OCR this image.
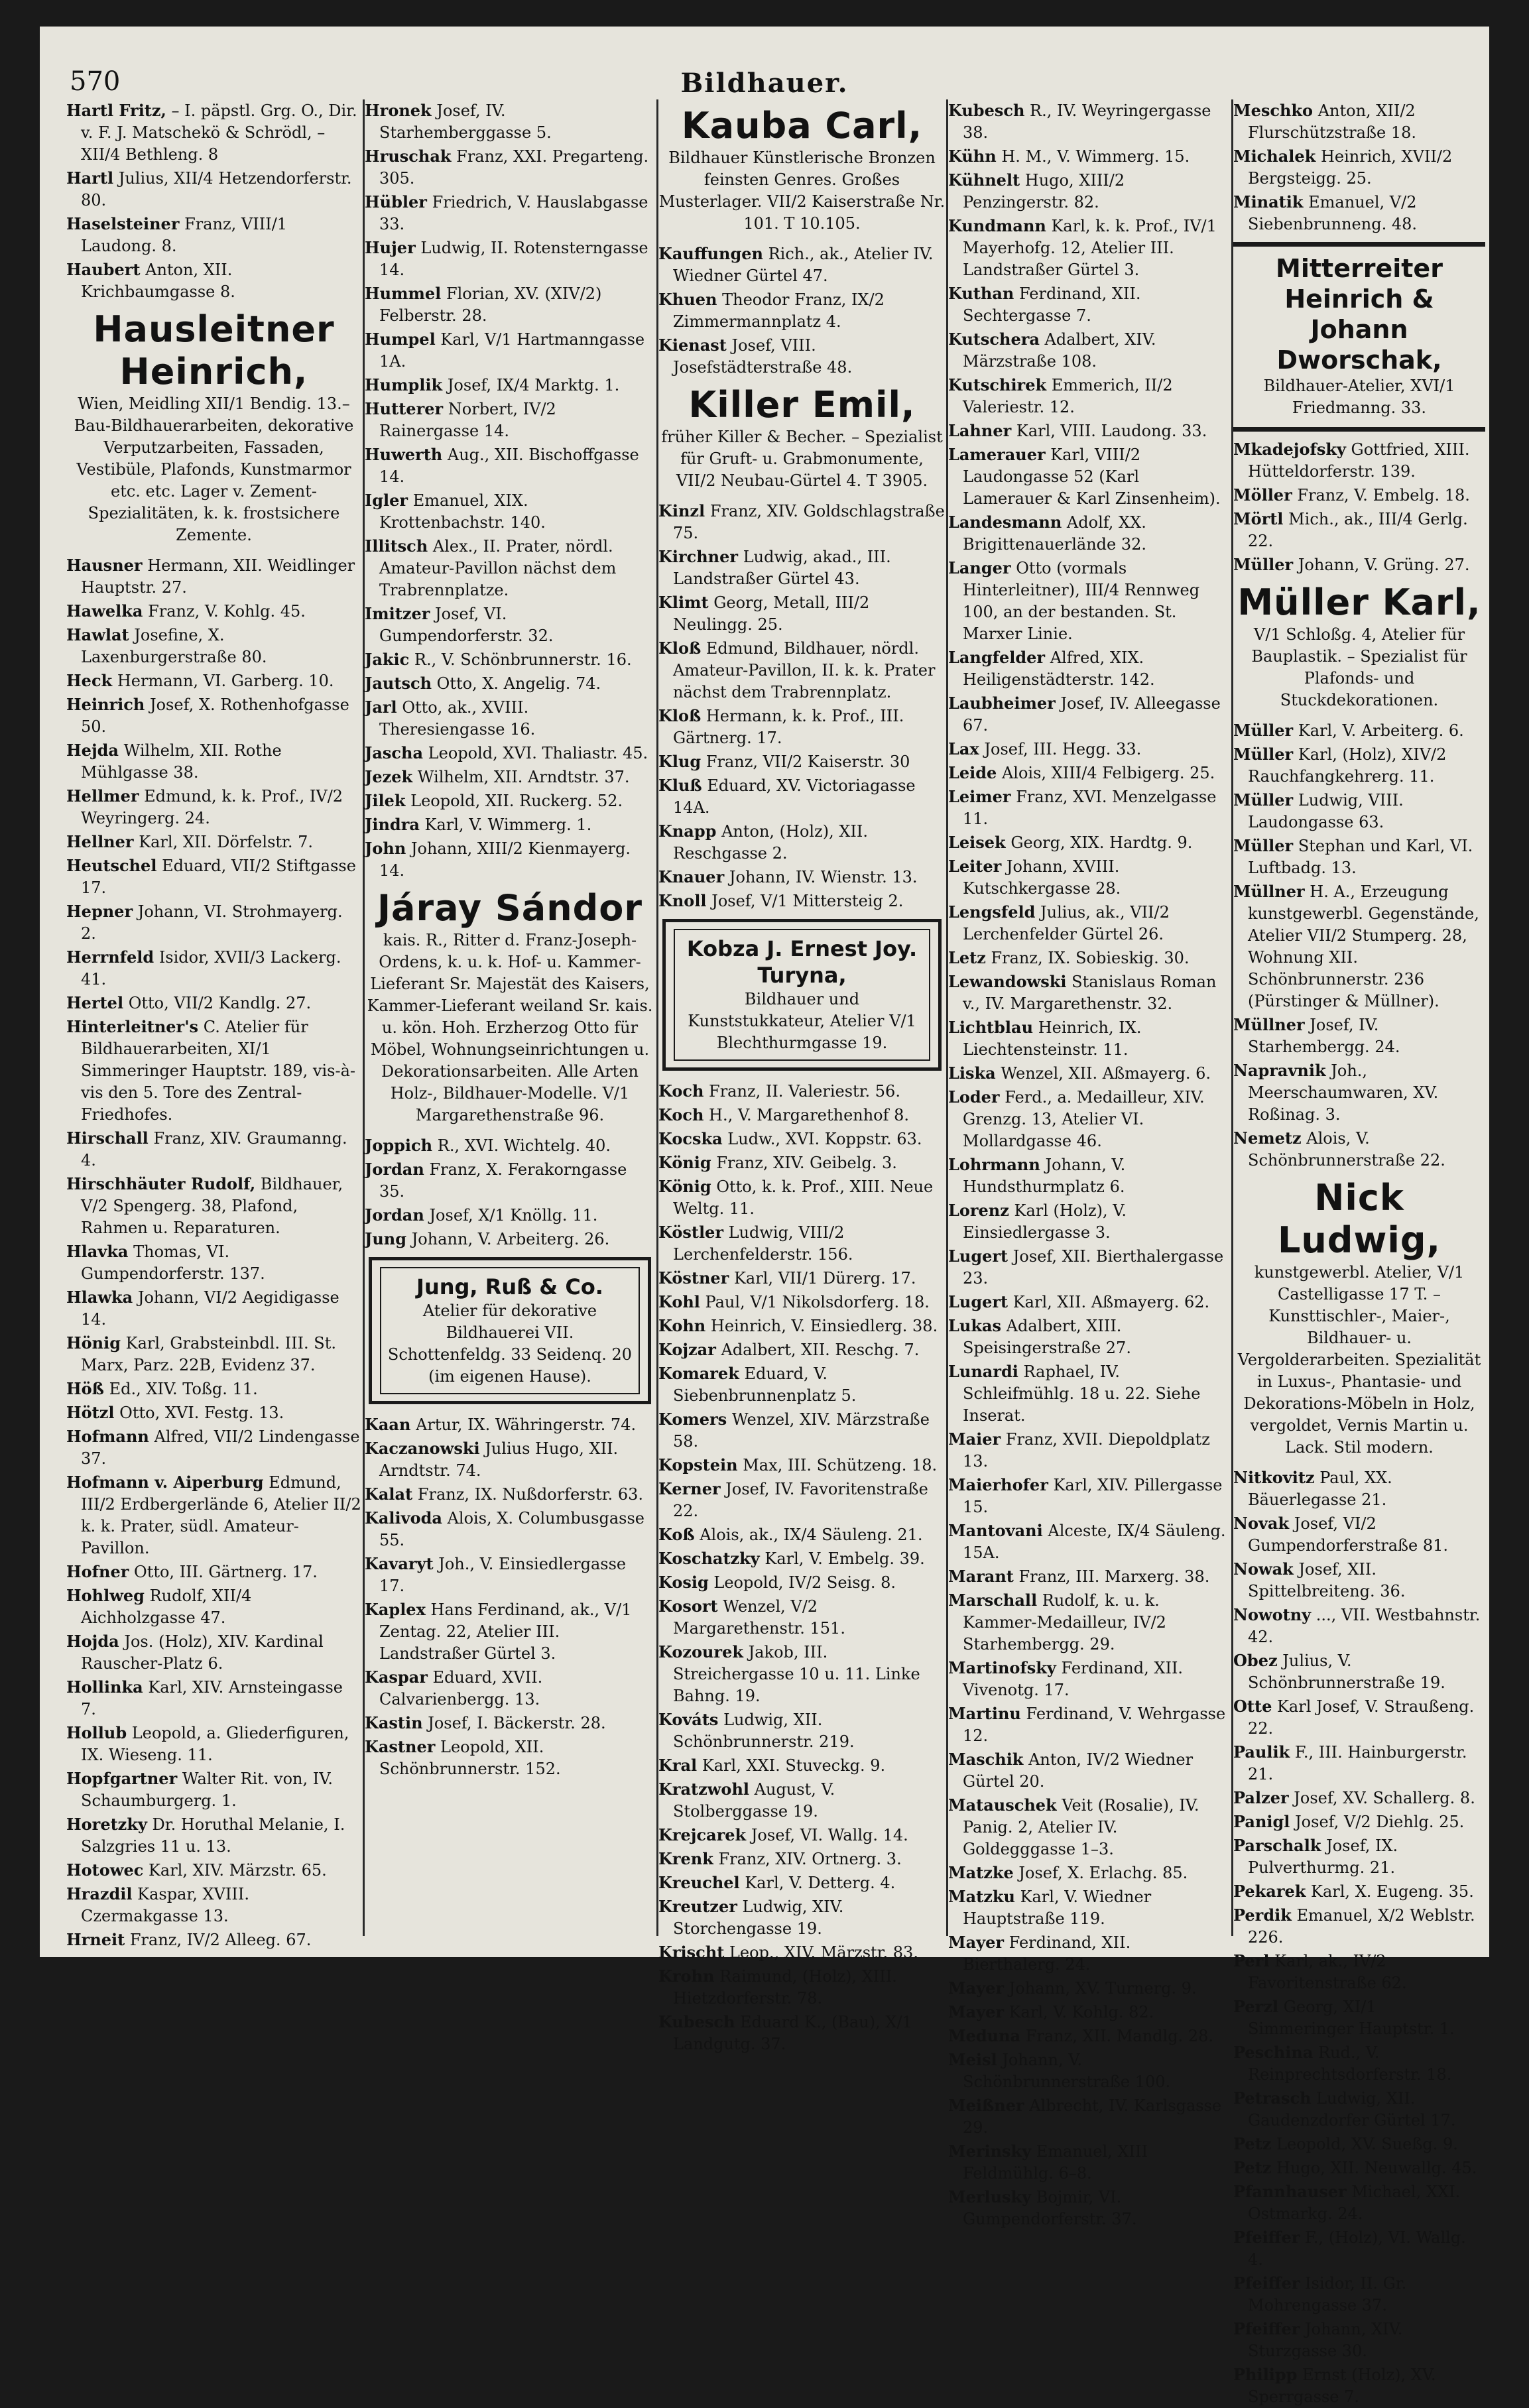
570	Bildhauer.
Hartl Fritz, – I. päpstl. Grg. O., Dir. v. F. J. Matschekö & Schrödl, – XII/4 Bethleng. 8
Hartl Julius, XII/4 Hetzendorferstr. 80.
Haselsteiner Franz, VIII/1 Laudong. 8.
Haubert Anton, XII. Krichbaumgasse 8.
Hausleitner Heinrich,
Wien, Meidling XII/1 Bendig. 13.– Bau-Bildhauerarbeiten, dekorative Verputzarbeiten, Fassaden, Vestibüle, Plafonds, Kunstmarmor etc. etc. Lager v. Zement-Spezialitäten, k. k. frostsichere Zemente.
Hausner Hermann, XII. Weidlinger Hauptstr. 27.
Hawelka Franz, V. Kohlg. 45.
Hawlat Josefine, X. Laxenburgerstraße 80.
Heck Hermann, VI. Garberg. 10.
Heinrich Josef, X. Rothenhofgasse 50.
Hejda Wilhelm, XII. Rothe Mühlgasse 38.
Hellmer Edmund, k. k. Prof., IV/2 Weyringerg. 24.
Hellner Karl, XII. Dörfelstr. 7.
Heutschel Eduard, VII/2 Stiftgasse 17.
Hepner Johann, VI. Strohmayerg. 2.
Herrnfeld Isidor, XVII/3 Lackerg. 41.
Hertel Otto, VII/2 Kandlg. 27.
Hinterleitner's C. Atelier für Bildhauerarbeiten, XI/1 Simmeringer Hauptstr. 189, vis-à-vis den 5. Tore des Zentral-Friedhofes.
Hirschall Franz, XIV. Graumanng. 4.
Hirschhäuter Rudolf, Bildhauer, V/2 Spengerg. 38, Plafond, Rahmen u. Reparaturen.
Hlavka Thomas, VI. Gumpendorferstr. 137.
Hlawka Johann, VI/2 Aegidigasse 14.
Hönig Karl, Grabsteinbdl. III. St. Marx, Parz. 22B, Evidenz 37.
Höß Ed., XIV. Toßg. 11.
Hötzl Otto, XVI. Festg. 13.
Hofmann Alfred, VII/2 Lindengasse 37.
Hofmann v. Aiperburg Edmund, III/2 Erdbergerlände 6, Atelier II/2 k. k. Prater, südl. Amateur-Pavillon.
Hofner Otto, III. Gärtnerg. 17.
Hohlweg Rudolf, XII/4 Aichholzgasse 47.
Hojda Jos. (Holz), XIV. Kardinal Rauscher-Platz 6.
Hollinka Karl, XIV. Arnsteingasse 7.
Hollub Leopold, a. Gliederfiguren, IX. Wieseng. 11.
Hopfgartner Walter Rit. von, IV. Schaumburgerg. 1.
Horetzky Dr. Horuthal Melanie, I. Salzgries 11 u. 13.
Hotowec Karl, XIV. Märzstr. 65.
Hrazdil Kaspar, XVIII. Czermakgasse 13.
Hrneit Franz, IV/2 Alleeg. 67.
Hronek Josef, IV. Starhemberggasse 5.
Hruschak Franz, XXI. Pregarteng. 305.
Hübler Friedrich, V. Hauslabgasse 33.
Hujer Ludwig, II. Rotensterngasse 14.
Hummel Florian, XV. (XIV/2) Felberstr. 28.
Humpel Karl, V/1 Hartmanngasse 1A.
Humplik Josef, IX/4 Marktg. 1.
Hutterer Norbert, IV/2 Rainergasse 14.
Huwerth Aug., XII. Bischoffgasse 14.
Igler Emanuel, XIX. Krottenbachstr. 140.
Illitsch Alex., II. Prater, nördl. Amateur-Pavillon nächst dem Trabrennplatze.
Imitzer Josef, VI. Gumpendorferstr. 32.
Jakic R., V. Schönbrunnerstr. 16.
Jautsch Otto, X. Angelig. 74.
Jarl Otto, ak., XVIII. Theresiengasse 16.
Jascha Leopold, XVI. Thaliastr. 45.
Jezek Wilhelm, XII. Arndtstr. 37.
Jilek Leopold, XII. Ruckerg. 52.
Jindra Karl, V. Wimmerg. 1.
John Johann, XIII/2 Kienmayerg. 14.
Járay Sándor
kais. R., Ritter d. Franz-Joseph-Ordens, k. u. k. Hof- u. Kammer-Lieferant Sr. Majestät des Kaisers, Kammer-Lieferant weiland Sr. kais. u. kön. Hoh. Erzherzog Otto für Möbel, Wohnungseinrichtungen u. Dekorationsarbeiten. Alle Arten Holz-, Bildhauer-Modelle. V/1 Margarethenstraße 96.
Joppich R., XVI. Wichtelg. 40.
Jordan Franz, X. Ferakorngasse 35.
Jordan Josef, X/1 Knöllg. 11.
Jung Johann, V. Arbeiterg. 26.
Jung, Ruß & Co.
Atelier für dekorative Bildhauerei VII. Schottenfeldg. 33 Seidenq. 20 (im eigenen Hause).
Kaan Artur, IX. Währingerstr. 74.
Kaczanowski Julius Hugo, XII. Arndtstr. 74.
Kalat Franz, IX. Nußdorferstr. 63.
Kalivoda Alois, X. Columbusgasse 55.
Kavaryt Joh., V. Einsiedlergasse 17.
Kaplex Hans Ferdinand, ak., V/1 Zentag. 22, Atelier III. Landstraßer Gürtel 3.
Kaspar Eduard, XVII. Calvarienbergg. 13.
Kastin Josef, I. Bäckerstr. 28.
Kastner Leopold, XII. Schönbrunnerstr. 152.
Kauba Carl,
Bildhauer Künstlerische Bronzen feinsten Genres. Großes Musterlager. VII/2 Kaiserstraße Nr. 101. T 10.105.
Kauffungen Rich., ak., Atelier IV. Wiedner Gürtel 47.
Khuen Theodor Franz, IX/2 Zimmermannplatz 4.
Kienast Josef, VIII. Josefstädterstraße 48.
Killer Emil,
früher Killer & Becher. – Spezialist für Gruft- u. Grabmonumente, VII/2 Neubau-Gürtel 4. T 3905.
Kinzl Franz, XIV. Goldschlagstraße 75.
Kirchner Ludwig, akad., III. Landstraßer Gürtel 43.
Klimt Georg, Metall, III/2 Neulingg. 25.
Kloß Edmund, Bildhauer, nördl. Amateur-Pavillon, II. k. k. Prater nächst dem Trabrennplatz.
Kloß Hermann, k. k. Prof., III. Gärtnerg. 17.
Klug Franz, VII/2 Kaiserstr. 30
Kluß Eduard, XV. Victoriagasse 14A.
Knapp Anton, (Holz), XII. Reschgasse 2.
Knauer Johann, IV. Wienstr. 13.
Knoll Josef, V/1 Mittersteig 2.
Kobza J. Ernest Joy. Turyna,
Bildhauer und Kunststukkateur, Atelier V/1 Blechthurmgasse 19.
Koch Franz, II. Valeriestr. 56.
Koch H., V. Margarethenhof 8.
Kocska Ludw., XVI. Koppstr. 63.
König Franz, XIV. Geibelg. 3.
König Otto, k. k. Prof., XIII. Neue Weltg. 11.
Köstler Ludwig, VIII/2 Lerchenfelderstr. 156.
Köstner Karl, VII/1 Dürerg. 17.
Kohl Paul, V/1 Nikolsdorferg. 18.
Kohn Heinrich, V. Einsiedlerg. 38.
Kojzar Adalbert, XII. Reschg. 7.
Komarek Eduard, V. Siebenbrunnenplatz 5.
Komers Wenzel, XIV. Märzstraße 58.
Kopstein Max, III. Schützeng. 18.
Kerner Josef, IV. Favoritenstraße 22.
Koß Alois, ak., IX/4 Säuleng. 21.
Koschatzky Karl, V. Embelg. 39.
Kosig Leopold, IV/2 Seisg. 8.
Kosort Wenzel, V/2 Margarethenstr. 151.
Kozourek Jakob, III. Streichergasse 10 u. 11. Linke Bahng. 19.
Kováts Ludwig, XII. Schönbrunnerstr. 219.
Kral Karl, XXI. Stuveckg. 9.
Kratzwohl August, V. Stolberggasse 19.
Krejcarek Josef, VI. Wallg. 14.
Krenk Franz, XIV. Ortnerg. 3.
Kreuchel Karl, V. Detterg. 4.
Kreutzer Ludwig, XIV. Storchengasse 19.
Krischt Leop., XIV. Märzstr. 83.
Krohn Raimund, (Holz), XIII. Hietzdorferstr. 78.
Kubesch Eduard K., (Bau), X/1 Landgutg. 37.
Kubesch R., IV. Weyringergasse 38.
Kühn H. M., V. Wimmerg. 15.
Kühnelt Hugo, XIII/2 Penzingerstr. 82.
Kundmann Karl, k. k. Prof., IV/1 Mayerhofg. 12, Atelier III. Landstraßer Gürtel 3.
Kuthan Ferdinand, XII. Sechtergasse 7.
Kutschera Adalbert, XIV. Märzstraße 108.
Kutschirek Emmerich, II/2 Valeriestr. 12.
Lahner Karl, VIII. Laudong. 33.
Lamerauer Karl, VIII/2 Laudongasse 52 (Karl Lamerauer & Karl Zinsenheim).
Landesmann Adolf, XX. Brigittenauerlände 32.
Langer Otto (vormals Hinterleitner), III/4 Rennweg 100, an der bestanden. St. Marxer Linie.
Langfelder Alfred, XIX. Heiligenstädterstr. 142.
Laubheimer Josef, IV. Alleegasse 67.
Lax Josef, III. Hegg. 33.
Leide Alois, XIII/4 Felbigerg. 25.
Leimer Franz, XVI. Menzelgasse 11.
Leisek Georg, XIX. Hardtg. 9.
Leiter Johann, XVIII. Kutschkergasse 28.
Lengsfeld Julius, ak., VII/2 Lerchenfelder Gürtel 26.
Letz Franz, IX. Sobieskig. 30.
Lewandowski Stanislaus Roman v., IV. Margarethenstr. 32.
Lichtblau Heinrich, IX. Liechtensteinstr. 11.
Liska Wenzel, XII. Aßmayerg. 6.
Loder Ferd., a. Medailleur, XIV. Grenzg. 13, Atelier VI. Mollardgasse 46.
Lohrmann Johann, V. Hundsthurmplatz 6.
Lorenz Karl (Holz), V. Einsiedlergasse 3.
Lugert Josef, XII. Bierthalergasse 23.
Lugert Karl, XII. Aßmayerg. 62.
Lukas Adalbert, XIII. Speisingerstraße 27.
Lunardi Raphael, IV. Schleifmühlg. 18 u. 22. Siehe Inserat.
Maier Franz, XVII. Diepoldplatz 13.
Maierhofer Karl, XIV. Pillergasse 15.
Mantovani Alceste, IX/4 Säuleng. 15A.
Marant Franz, III. Marxerg. 38.
Marschall Rudolf, k. u. k. Kammer-Medailleur, IV/2 Starhembergg. 29.
Martinofsky Ferdinand, XII. Vivenotg. 17.
Martinu Ferdinand, V. Wehrgasse 12.
Maschik Anton, IV/2 Wiedner Gürtel 20.
Matauschek Veit (Rosalie), IV. Panig. 2, Atelier IV. Goldegggasse 1–3.
Matzke Josef, X. Erlachg. 85.
Matzku Karl, V. Wiedner Hauptstraße 119.
Mayer Ferdinand, XII. Bierthalerg. 24.
Mayer Johann, XV. Turnerg. 9.
Mayer Karl, V. Kohlg. 82.
Meduna Franz, XII. Mandlg. 28.
Meisl Johann, V. Schönbrunnerstraße 100.
Meißner Albrecht, IV. Karlsgasse 29.
Merinsky Emanuel, XIII Feldmühlg. 6–8.
Merlusky Bojmir, VI. Gumpendorferstr. 37.
Meschko Anton, XII/2 Flurschützstraße 18.
Michalek Heinrich, XVII/2 Bergsteigg. 25.
Minatik Emanuel, V/2 Siebenbrunneng. 48.
Mitterreiter Heinrich & Johann Dworschak,
Bildhauer-Atelier, XVI/1 Friedmanng. 33.
Mkadejofsky Gottfried, XIII. Hütteldorferstr. 139.
Möller Franz, V. Embelg. 18.
Mörtl Mich., ak., III/4 Gerlg. 22.
Müller Johann, V. Grüng. 27.
Müller Karl,
V/1 Schloßg. 4, Atelier für Bauplastik. – Spezialist für Plafonds- und Stuckdekorationen.
Müller Karl, V. Arbeiterg. 6.
Müller Karl, (Holz), XIV/2 Rauchfangkehrerg. 11.
Müller Ludwig, VIII. Laudongasse 63.
Müller Stephan und Karl, VI. Luftbadg. 13.
Müllner H. A., Erzeugung kunstgewerbl. Gegenstände, Atelier VII/2 Stumperg. 28, Wohnung XII. Schönbrunnerstr. 236 (Pürstinger & Müllner).
Müllner Josef, IV. Starhembergg. 24.
Napravnik Joh., Meerschaumwaren, XV. Roßinag. 3.
Nemetz Alois, V. Schönbrunnerstraße 22.
Nick Ludwig,
kunstgewerbl. Atelier, V/1 Castelligasse 17 T. – Kunsttischler-, Maier-, Bildhauer- u. Vergolderarbeiten. Spezialität in Luxus-, Phantasie- und Dekorations-Möbeln in Holz, vergoldet, Vernis Martin u. Lack. Stil modern.
Nitkovitz Paul, XX. Bäuerlegasse 21.
Novak Josef, VI/2 Gumpendorferstraße 81.
Nowak Josef, XII. Spittelbreiteng. 36.
Nowotny ..., VII. Westbahnstr. 42.
Obez Julius, V. Schönbrunnerstraße 19.
Otte Karl Josef, V. Straußeng. 22.
Paulik F., III. Hainburgerstr. 21.
Palzer Josef, XV. Schallerg. 8.
Panigl Josef, V/2 Diehlg. 25.
Parschalk Josef, IX. Pulverthurmg. 21.
Pekarek Karl, X. Eugeng. 35.
Perdik Emanuel, X/2 Weblstr. 226.
Perl Karl, ak., IV/2 Favoritenstraße 62.
Perzl Georg, XI/1 Simmeringer Hauptstr. 1.
Peschina Rud., V. Reinprechtsdorferstr. 18.
Petrasch Ludwig, XII. Gaudenzdorfer Gürtel 17.
Petz Leopold, XV. Sueßg. 9.
Petz Hugo, XII. Neuwallg. 45.
Pfannhauser Michael, XXI. Ostmarkg. 24.
Pfeiffer F., (Holz), VI. Wallg. 4.
Pfeiffer Isidor, II. Gr. Mohrengasse 37.
Pfeiffer Johann, XIV. Sturzgasse 30.
Philipp Ernst (Holz), XV. Sperrgasse 7.
